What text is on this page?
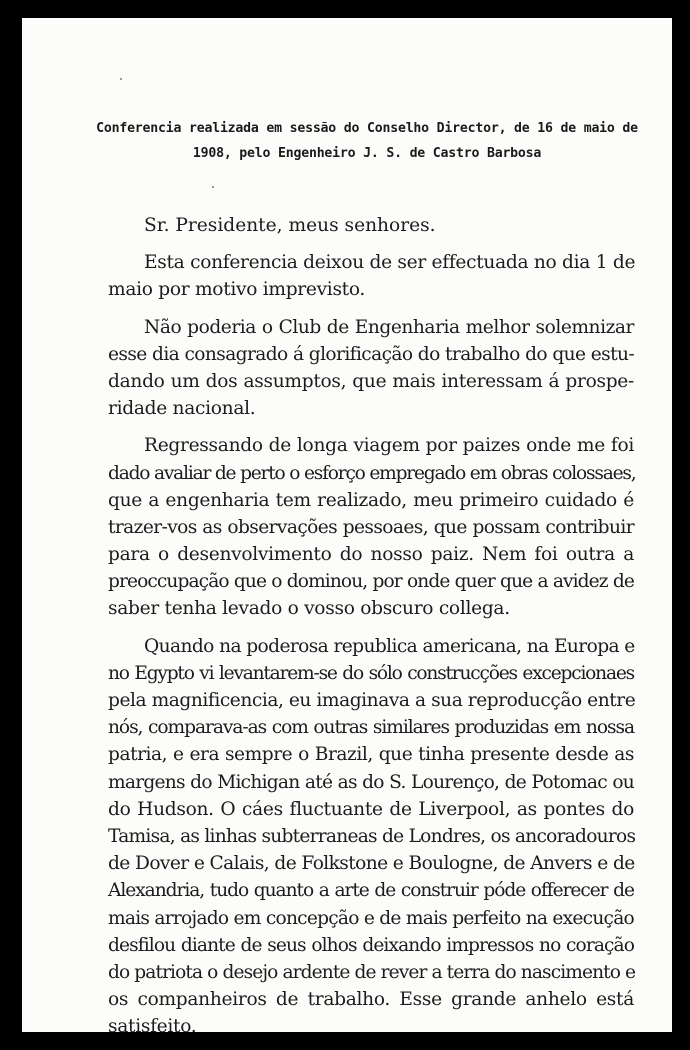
Conferencia realizada em sessão do Conselho Director, de 16 de maio de

1908, pelo Engenheiro J. S. de Castro Barbosa

Sr. Presidente, meus senhores.
Esta conferencia deixou de ser effectuada no dia 1 de
maio por motivo imprevisto.
Não poderia o Club de Engenharia melhor solemnizar
esse dia consagrado á glorificação do trabalho do que estu-
dando um dos assumptos, que mais interessam á prospe-
ridade nacional.
Regressando de longa viagem por paizes onde me foi
dado avaliar de perto o esforço empregado em obras colossaes,
que a engenharia tem realizado, meu primeiro cuidado é
trazer-vos as observações pessoaes, que possam contribuir
para o desenvolvimento do nosso paiz. Nem foi outra a
preoccupação que o dominou, por onde quer que a avidez de
saber tenha levado o vosso obscuro collega.
Quando na poderosa republica americana, na Europa e
no Egypto vi levantarem-se do sólo construcções excepcionaes
pela magnificencia, eu imaginava a sua reproducção entre
nós, comparava-as com outras similares produzidas em nossa
patria, e era sempre o Brazil, que tinha presente desde as
margens do Michigan até as do S. Lourenço, de Potomac ou
do Hudson. O cáes fluctuante de Liverpool, as pontes do
Tamisa, as linhas subterraneas de Londres, os ancoradouros
de Dover e Calais, de Folkstone e Boulogne, de Anvers e de
Alexandria, tudo quanto a arte de construir póde offerecer de
mais arrojado em concepção e de mais perfeito na execução
desfilou diante de seus olhos deixando impressos no coração
do patriota o desejo ardente de rever a terra do nascimento e
os companheiros de trabalho. Esse grande anhelo está
satisfeito.
